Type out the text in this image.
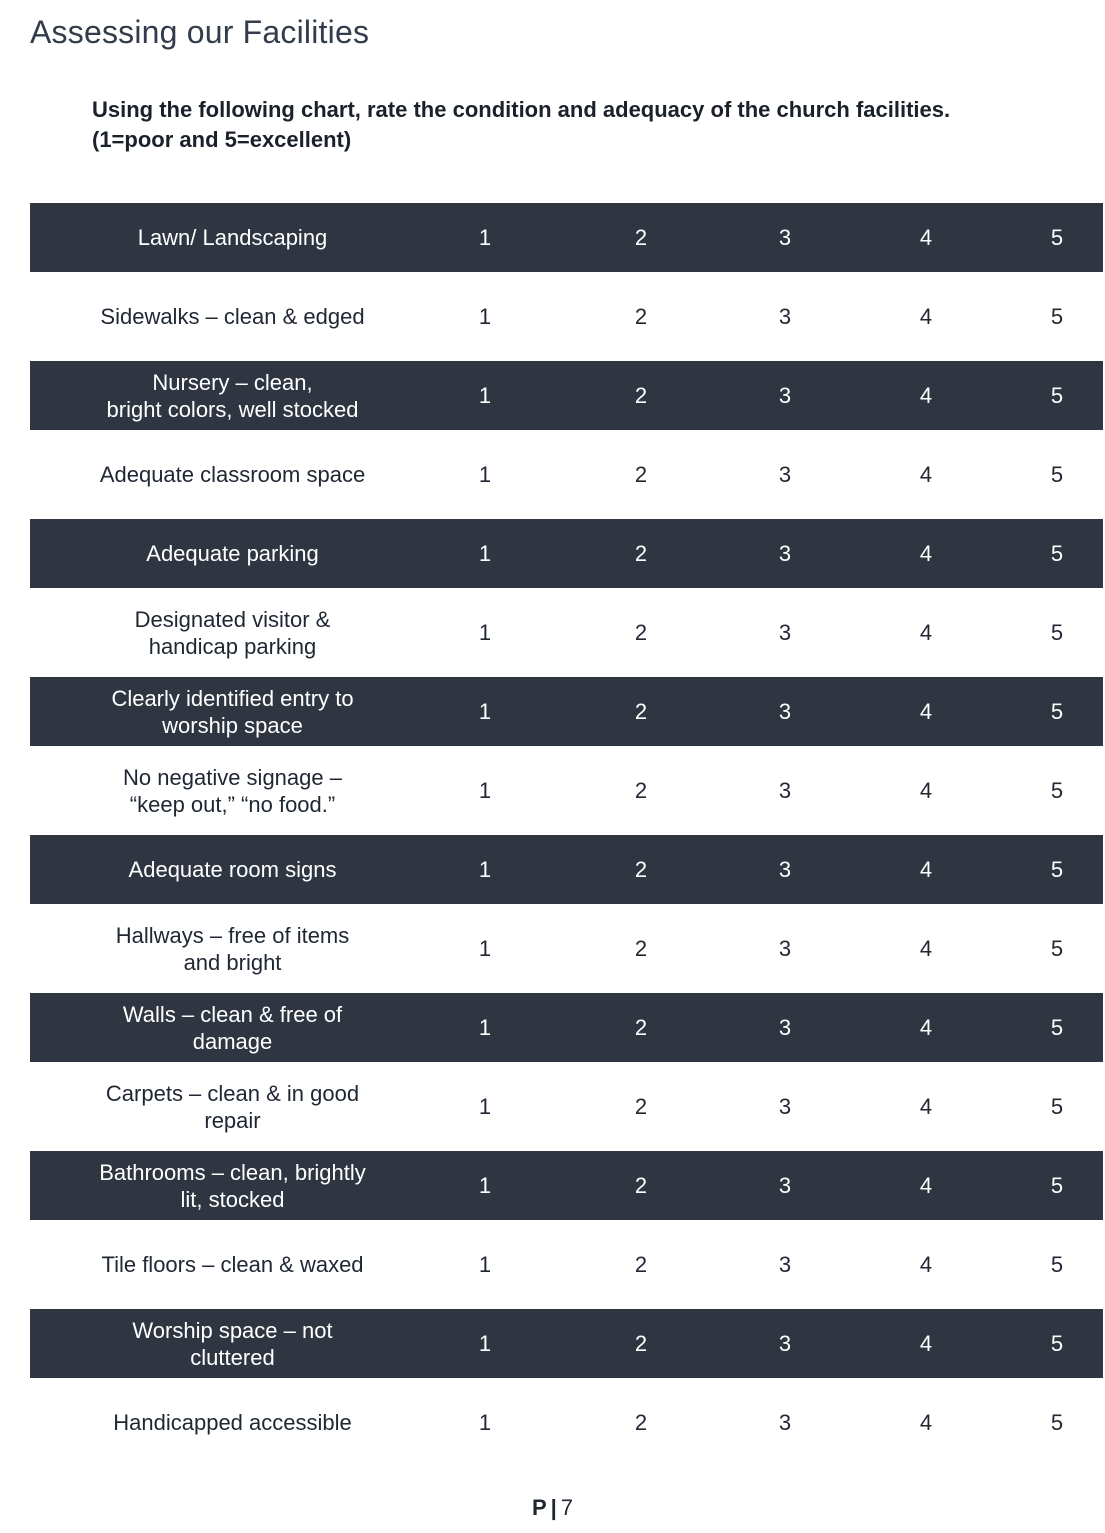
Assessing our Facilities

Using the following chart, rate the condition and adequacy of the church facilities. (1=poor and 5=excellent)

Lawn/ Landscaping	1	2	3	4	5
Sidewalks – clean & edged	1	2	3	4	5
Nursery – clean,
bright colors, well stocked
1	2	3	4	5
Adequate classroom space	1	2	3	4	5
Adequate parking	1	2	3	4	5
Designated visitor &
handicap parking
1	2	3	4	5
Clearly identified entry to
worship space
1	2	3	4	5
No negative signage –
“keep out,” “no food.”
1	2	3	4	5
Adequate room signs	1	2	3	4	5
Hallways – free of items
and bright
1	2	3	4	5
Walls – clean & free of
damage
1	2	3	4	5
Carpets – clean & in good
repair
1	2	3	4	5
Bathrooms – clean, brightly
lit, stocked
1	2	3	4	5
Tile floors – clean & waxed	1	2	3	4	5
Worship space – not
cluttered
1	2	3	4	5
Handicapped accessible	1	2	3	4	5
P | 7
